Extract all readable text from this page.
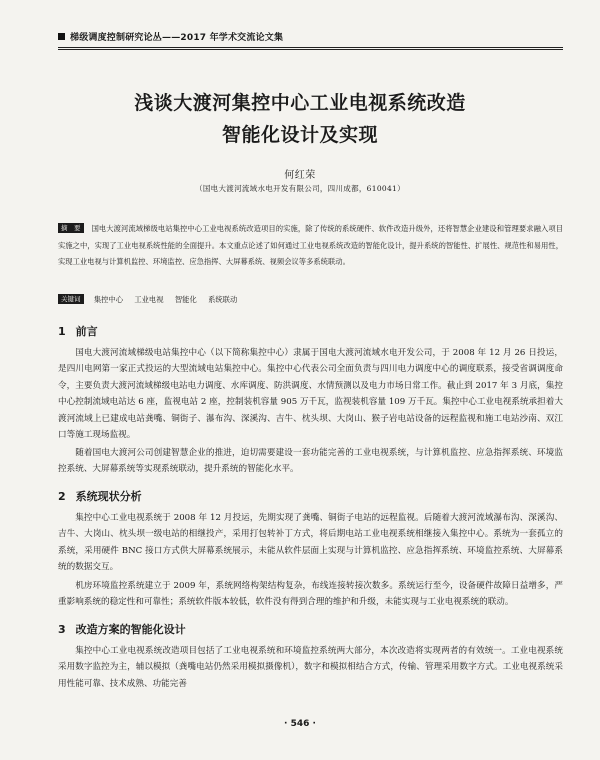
梯级调度控制研究论丛——2017 年学术交流论文集
浅谈大渡河集控中心工业电视系统改造
智能化设计及实现
何红荣
（国电大渡河流域水电开发有限公司，四川成都，610041）
摘　要 国电大渡河流域梯级电站集控中心工业电视系统改造项目的实施，除了传统的系统硬件、软件改造升级外，还将智慧企业建设和管理要求融入项目实施之中，实现了工业电视系统性能的全面提升。本文重点论述了如何通过工业电视系统改造的智能化设计，提升系统的智能性、扩展性、规范性和易用性，实现工业电视与计算机监控、环境监控、应急指挥、大屏幕系统、视频会议等多系统联动。
关键词 集控中心 工业电视 智能化 系统联动
1 前言
国电大渡河流域梯级电站集控中心（以下简称集控中心）隶属于国电大渡河流域水电开发公司，于 2008 年 12 月 26 日投运，是四川电网第一家正式投运的大型流域电站集控中心。集控中心代表公司全面负责与四川电力调度中心的调度联系，接受省调调度命令，主要负责大渡河流域梯级电站电力调度、水库调度、防洪调度、水情预测以及电力市场日常工作。截止到 2017 年 3 月底，集控中心控制流域电站达 6 座，监视电站 2 座，控制装机容量 905 万千瓦，监视装机容量 109 万千瓦。集控中心工业电视系统承担着大渡河流域上已建成电站龚嘴、铜街子、瀑布沟、深溪沟、吉牛、枕头坝、大岗山、猴子岩电站设备的远程监视和施工电站沙南、双江口等施工现场监视。
随着国电大渡河公司创建智慧企业的推进，迫切需要建设一套功能完善的工业电视系统，与计算机监控、应急指挥系统、环境监控系统、大屏幕系统等实现系统联动，提升系统的智能化水平。
2 系统现状分析
集控中心工业电视系统于 2008 年 12 月投运，先期实现了龚嘴、铜街子电站的远程监视。后随着大渡河流域瀑布沟、深溪沟、吉牛、大岗山、枕头坝一级电站的相继投产，采用打包转补丁方式，将后期电站工业电视系统相继接入集控中心。系统为一套孤立的系统，采用硬件 BNC 接口方式供大屏幕系统展示，未能从软件层面上实现与计算机监控、应急指挥系统、环境监控系统、大屏幕系统的数据交互。
机房环境监控系统建立于 2009 年，系统网络构架结构复杂，布线连接转接次数多。系统运行至今，设备硬件故障日益增多，严重影响系统的稳定性和可靠性；系统软件版本较低，软件没有得到合理的维护和升级，未能实现与工业电视系统的联动。
3 改造方案的智能化设计
集控中心工业电视系统改造项目包括了工业电视系统和环境监控系统两大部分，本次改造将实现两者的有效统一。工业电视系统采用数字监控为主，辅以模拟（龚嘴电站仍然采用模拟摄像机），数字和模拟相结合方式，传输、管理采用数字方式。工业电视系统采用性能可靠、技术成熟、功能完善
· 546 ·
